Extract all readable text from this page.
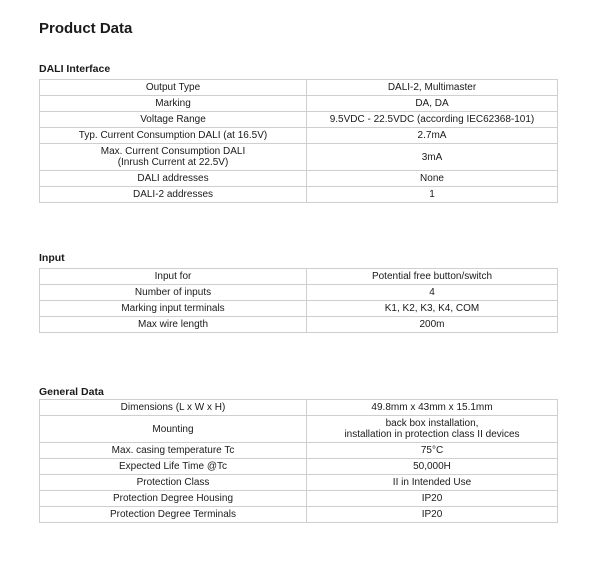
Product Data
DALI Interface
Output Type	DALI-2, Multimaster
Marking	DA, DA
Voltage Range	9.5VDC - 22.5VDC (according IEC62368-101)
Typ. Current Consumption DALI (at 16.5V)	2.7mA

Max. Current Consumption DALI
(Inrush Current at 22.5V)	3mA
DALI addresses	None
DALI-2 addresses	1
Input
Input for	Potential free button/switch
Number of inputs	4
Marking input terminals	K1, K2, K3, K4, COM
Max wire length	200m
General Data
Dimensions (L x W x H)	49.8mm x 43mm x 15.1mm
Mounting	back box installation,
installation in protection class II devices

Max. casing temperature Tc	75°C
Expected Life Time @Tc	50,000H
Protection Class	II in Intended Use
Protection Degree Housing	IP20
Protection Degree Terminals	IP20
